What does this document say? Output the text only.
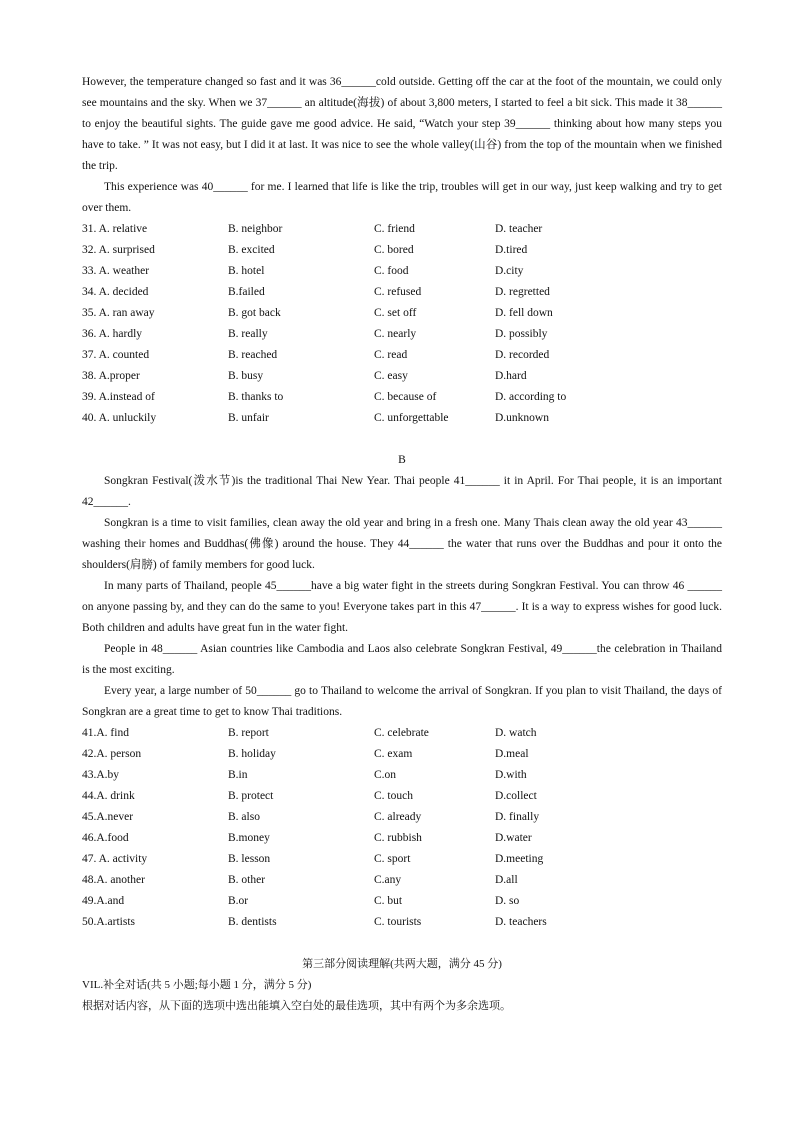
However, the temperature changed so fast and it was 36______cold outside. Getting off the car at the foot of the mountain, we could only see mountains and the sky. When we 37______ an altitude(海拔) of about 3,800 meters, I started to feel a bit sick. This made it 38______ to enjoy the beautiful sights. The guide gave me good advice. He said, “Watch your step 39______ thinking about how many steps you have to take. ” It was not easy, but I did it at last. It was nice to see the whole valley(山谷) from the top of the mountain when we finished the trip.

This experience was 40______ for me. I learned that life is like the trip, troubles will get in our way, just keep walking and try to get over them.

31. A. relative	B. neighbor	C. friend	D. teacher
32. A. surprised	B. excited	C. bored	D.tired
33. A. weather	B. hotel	C. food	D.city
34. A. decided	B.failed	C. refused	D. regretted
35. A. ran away	B. got back	C. set off	D. fell down
36. A. hardly	B. really	C. nearly	D. possibly
37. A. counted	B. reached	C. read	D. recorded
38. A.proper	B. busy	C. easy	D.hard
39. A.instead of	B. thanks to	C. because of	D. according to
40. A. unluckily	B. unfair	C. unforgettable	D.unknown
B

Songkran Festival(泼水节)is the traditional Thai New Year. Thai people 41______ it in April. For Thai people, it is an important 42______.

Songkran is a time to visit families, clean away the old year and bring in a fresh one. Many Thais clean away the old year 43______ washing their homes and Buddhas(佛像) around the house. They 44______ the water that runs over the Buddhas and pour it onto the shoulders(肩膀) of family members for good luck.

In many parts of Thailand, people 45______have a big water fight in the streets during Songkran Festival. You can throw 46 ______ on anyone passing by, and they can do the same to you! Everyone takes part in this 47______. It is a way to express wishes for good luck. Both children and adults have great fun in the water fight.

People in 48______ Asian countries like Cambodia and Laos also celebrate Songkran Festival, 49______the celebration in Thailand is the most exciting.

Every year, a large number of 50______ go to Thailand to welcome the arrival of Songkran. If you plan to visit Thailand, the days of Songkran are a great time to get to know Thai traditions.

41.A. find	B. report	C. celebrate	D. watch
42.A. person	B. holiday	C. exam	D.meal
43.A.by	B.in	C.on	D.with
44.A. drink	B. protect	C. touch	D.collect
45.A.never	B. also	C. already	D. finally
46.A.food	B.money	C. rubbish	D.water
47. A. activity	B. lesson	C. sport	D.meeting
48.A. another	B. other	C.any	D.all
49.A.and	B.or	C. but	D. so
50.A.artists	B. dentists	C. tourists	D. teachers
第三部分阅读理解(共两大题，满分 45 分)

VIL.补全对话(共 5 小题;每小题 1 分，满分 5 分)

根据对话内容，从下面的选项中选出能填入空白处的最佳选项，其中有两个为多余选项。
